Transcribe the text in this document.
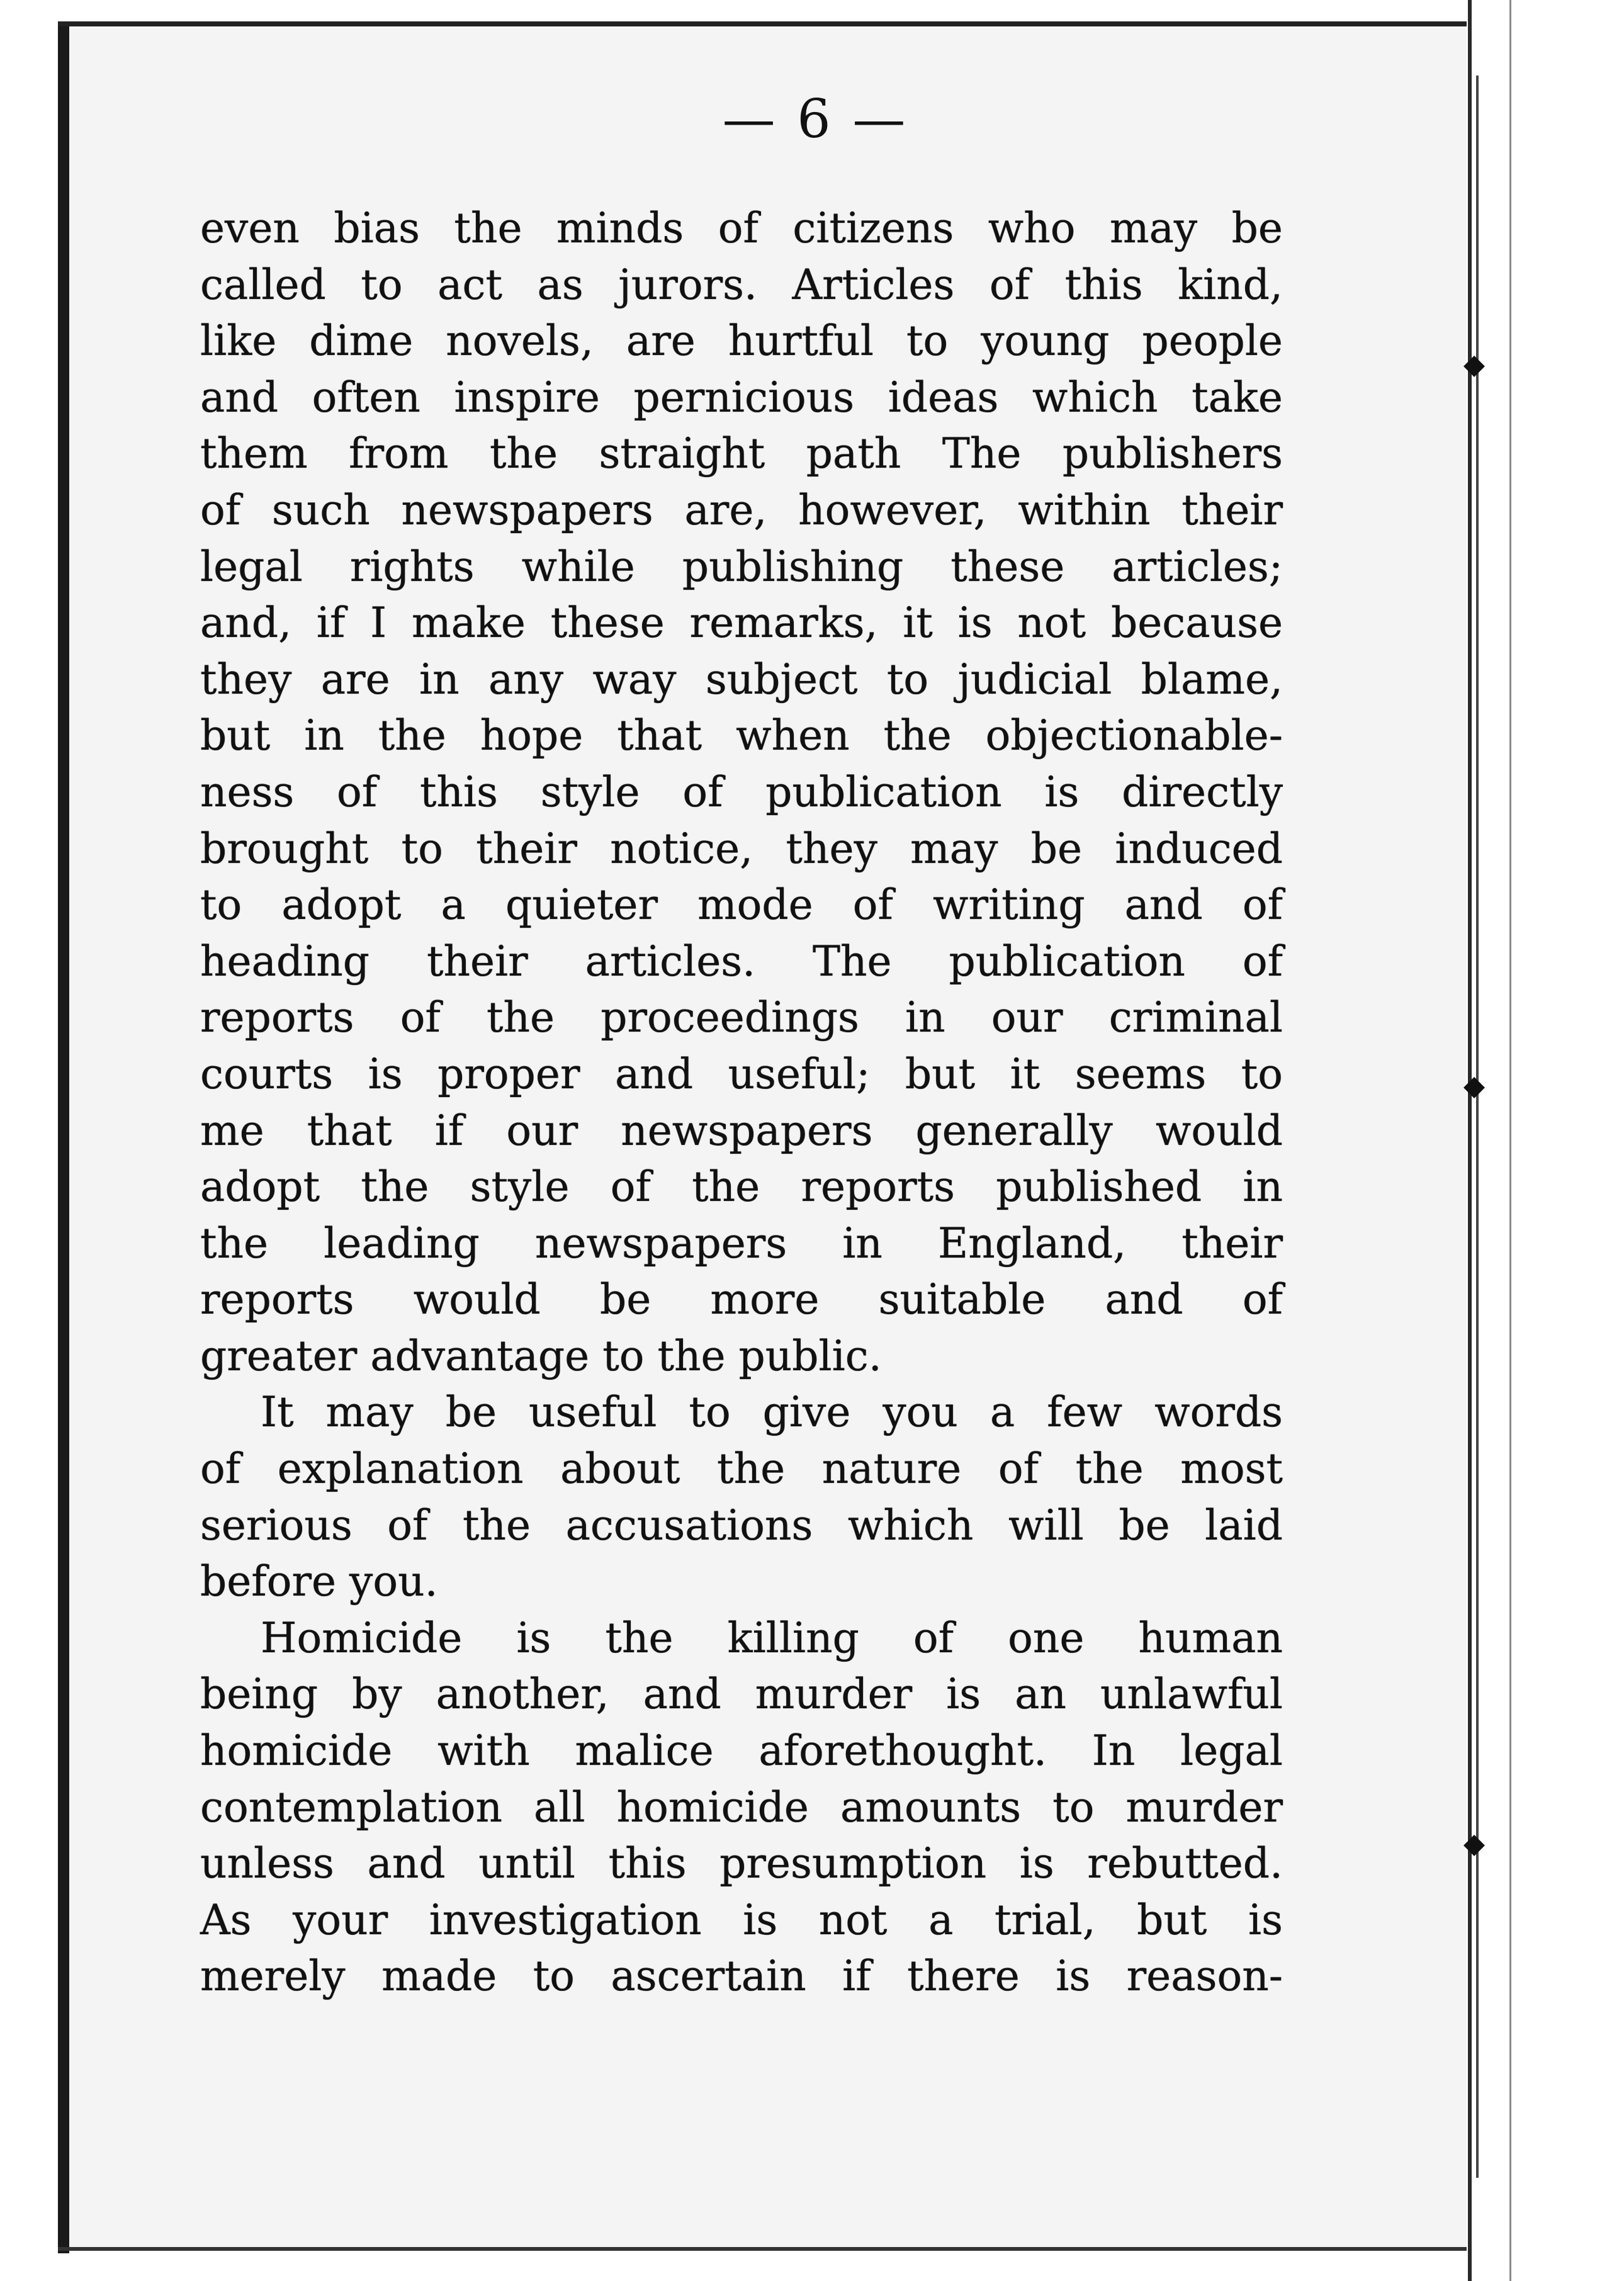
— 6 —
even bias the minds of citizens who may be
called to act as jurors. Articles of this kind,
like dime novels, are hurtful to young people
and often inspire pernicious ideas which take
them from the straight path The publishers
of such newspapers are, however, within their
legal rights while publishing these articles;
and, if I make these remarks, it is not because
they are in any way subject to judicial blame,
but in the hope that when the objectionable-
ness of this style of publication is directly
brought to their notice, they may be induced
to adopt a quieter mode of writing and of
heading their articles. The publication of
reports of the proceedings in our criminal
courts is proper and useful; but it seems to
me that if our newspapers generally would
adopt the style of the reports published in
the leading newspapers in England, their
reports would be more suitable and of
greater advantage to the public.
It may be useful to give you a few words
of explanation about the nature of the most
serious of the accusations which will be laid
before you.
Homicide is the killing of one human
being by another, and murder is an unlawful
homicide with malice aforethought. In legal
contemplation all homicide amounts to murder
unless and until this presumption is rebutted.
As your investigation is not a trial, but is
merely made to ascertain if there is reason-
